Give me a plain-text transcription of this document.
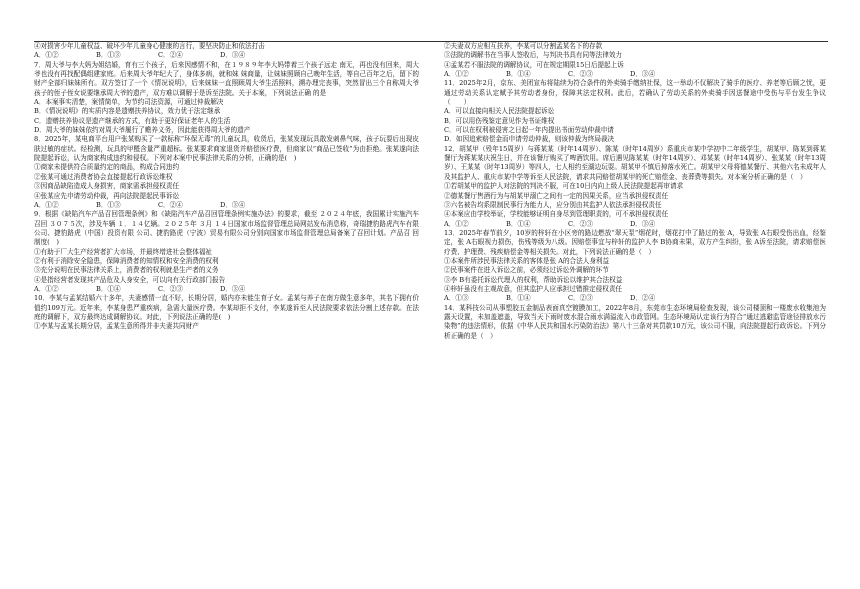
④对损害少年儿童权益、破坏少年儿童身心健康的言行，要坚决防止和依法打击

A．①②	B．①③	C．②④	D．③④

7．周大爷与李大妈为姐结婚，育有三个孩子，后来因感情不和，在１９８９年李大妈带着三个孩子远走 南无，再也没有回来，周大爷也没有再找配偶组建家庭。后来周大爷年纪大了，身体多病，就和妹 妹商量，让妹妹照顾自己晚年生活，等自己百年之后，留下的财产全部归妹妹所有。双方签订了一个《情况说明》，后来妹妹一直照顾周大爷生活照料，溯办理完丧事，突然冒出三个自称周大爷 孩子的侄子侄女说要继承周大爷的遗产，双方难以调解于是诉至法院。关于本案，下列说法正确 的是

A．本案事实清楚，案情简单，为节约司法资源，可通过仲裁解决

B．《情况说明》的实质内容是遗赠扶养协议，效力优于法定继承

C．遗赠扶养协议是遗产继承的方式，有助于更好保证老年人的生活

D．周大爷的妹妹依约对周大爷履行了赡养义务，因此能获得周大爷的遗产

8．2025年，某电商平台用户张某购买了一款标称“环保无毒”的儿童玩具，收货后，张某发现玩具散发刺鼻气味，孩子玩耍后出现皮肤过敏的症状。经检测，玩具的甲醛含量严重超标。张某要求商家退货并赔偿医疗费，但商家以“商品已签收”为由拒绝。张某遂向法院提起诉讼，认为商家构成违约和侵权。下列对本案中民事法律关系的分析，正确的是(　)

①商家未提供符合质量约定的商品，构成合同违约

②张某可通过消费者协会直接提起行政诉讼维权

③因商品缺陷造成人身损害，商家需承担侵权责任

④张某应先申请劳动仲裁，再向法院提起民事诉讼

A．①②	B．①③	C．②④	D．③④

9．根据《缺陷汽车产品召回管理条例》和《缺陷汽车产品召回管理条例实施办法》的要求，截至 ２０２４年底，我国累计实施汽车召回 ３０７５次，涉及车辆 １．１４亿辆。２０２５年 ３月 １４日国家市场监督管理总局网站发布消息称，奇瑞捷豹路虎汽车有限公司、捷豹路虎（中国）投资有限 公司、捷豹路虎（宁波）贸易有限公司分别向国家市场监督管理总局备案了召回计划。产品召 回制度(　)

①有助于厂大生产经营者扩大市场，并最终增进社会整体福祉

②有利于消除安全隐患，保障消费者的知情权和安全消费的权利

③充分说明在民事法律关系上，消费者的权利就是生产者的义务

④是指经营者发现其产品危及人身安全，可以向有关行政部门报告

A．①②	B．①④	C．②③	D．③④

10．李某与孟某结婚六十多年，夫妻感情一直不好，长期分居，婚内亦未能生育子女。孟某与养子在南方做生意多年，其名下拥有价值约109万元。近年来，李某身患严重疾病，急需大量医疗费。李某却拒不支付，李某遂诉至人民法院要求依法分割上述存款。在法庭的调解下，双方最终达成调解协议。对此，下列说法正确的是(　)

①李某与孟某长期分居，孟某生意所得并非夫妻共同财产

②夫妻双方应相互扶养，李某可以分割孟某名下的存款

③法院的调解书在当事人签收后，与判决书具有同等法律效力

④孟某若不服法院的调解协议，可在规定期限15日后提起上诉

A．①②	B．①④	C．②③	D．③④

11．2025年2月，京东、美团宣布将陆续为符合条件的外卖骑手缴纳社保，这一举动不仅解决了骑手的医疗、养老等后顾之忧，更通过劳动关系认定赋予其劳动者身份，保障其法定权利。此后，若确认了劳动关系的外卖骑手因送餐途中受伤与平台发生争议（　　）

A．可以直接向相关人民法院提起诉讼

B．可以用伤残鉴定意见作为书证维权

C．可以在权利被侵害之日起一年内提出书面劳动仲裁申请

D．如因追索赔偿金而申请劳动仲裁，则该仲裁为终局裁决

12．胡某甲（殁年15周岁）与蒋某某（时年14周岁）、陈某（时年14周岁）系重庆市某中学初中二年级学生，胡某甲、陈某到蒋某餐厅为蒋某某庆祝生日，并在该餐厅购买了啤酒饮用。席后遇见陈某某（时年14周岁）、邓某某（时年14周岁）、张某某（时年13周岁）、王某某（时年13周岁）等四人，七人相约至湖边玩耍。胡某甲不慎后掉落水死亡。胡某甲父母将德某餐厅、其他六名未成年人及其监护人、重庆市某中学等诉至人民法院，请求共同赔偿胡某甲的死亡赔偿金、丧葬费等损失。对本案分析正确的是（　）

①若胡某甲的监护人对法院的判决不服，可在10日内向上级人民法院提起再审请求

②德某餐厅售酒行为与胡某甲溺亡之间有一定的因果关系，应当承担侵权责任

③六名被告均系限制民事行为能力人，应分别由其监护人依法承担侵权责任

④本案应由学校举证，学校能够证明自身尽到管理职责的，可不承担侵权责任

A．①②	B．①④	C．②③	D．③④

13．2025年春节前夕，10岁的梓轩在小区旁的路边燃放“翠天泵”烟花时，烟花打中了路过的张 A，导致张 A右眼受伤出血，经鉴定，张 A右眼视力损伤，伤残等级为八级。因赔偿事宜与梓轩的监护人李 B协商未果，双方产生纠纷，张 A诉至法院，请求赔偿医疗费、护理费、残疾赔偿金等相关损失。对此，下列说法正确的是（　）

①本案件所涉民事法律关系的客体是张 A的合法人身利益

②民事案件在进入诉讼之前，必须经过诉讼外调解的环节

③李 B有委托诉讼代理人的权利，帮助诉讼以维护其合法权益

④梓轩虽没有主观故意，但其监护人应承担过错推定侵权责任

A．①③	B．①④	C．②③	D．②④

14．某科技公司从事塑胶五金制品表面真空镀膜加工，2022年8月，东莞市生态环境局检查发现，该公司楼顶和一楼废水收集池为露天设置，未加盖遮盖，导致当天下雨时废水混合雨水满溢流入市政管网。生态环境局认定该行为符合“通过逃避监管途径排放水污染物”的违法情形，依据《中华人民共和国水污染防治法》第八十三条对其罚款10万元，该公司不服，向法院提起行政诉讼。下列分析正确的是（　）
